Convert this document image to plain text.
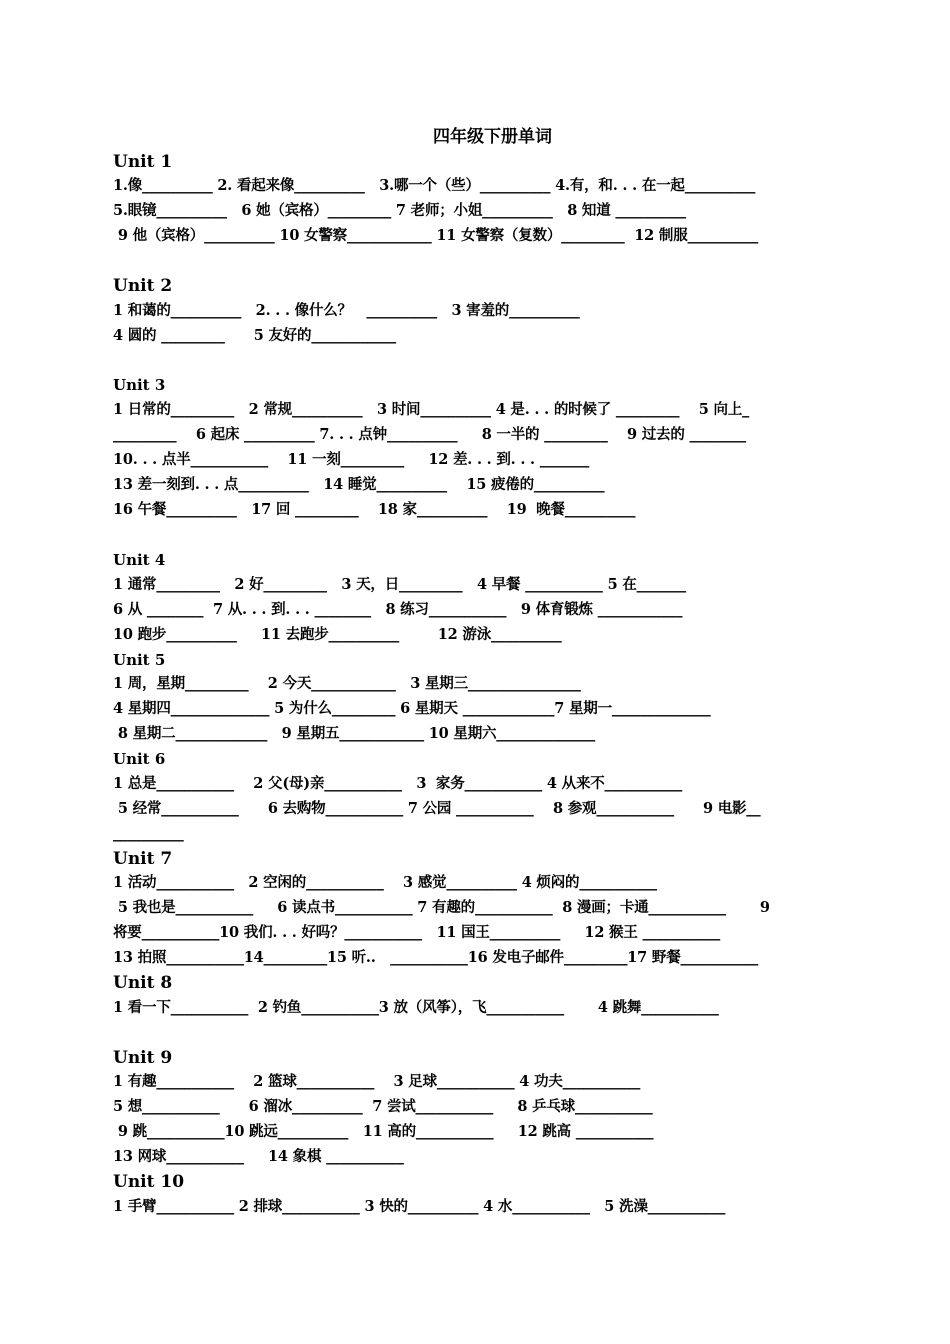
四年级下册单词
Unit 1
1.像__________ 2. 看起来像__________   3.哪一个（些）__________ 4.有，和. . . 在一起__________
5.眼镜__________   6 她（宾格）_________ 7 老师；小姐__________   8 知道 __________
9 他（宾格）__________ 10 女警察____________ 11 女警察（复数）_________  12 制服__________
Unit 2
1 和蔼的__________   2. . . 像什么？   __________   3 害羞的__________
4 圆的 _________      5 友好的____________
Unit 3
1 日常的_________   2 常规__________   3 时间__________ 4 是. . . 的时候了 _________    5 向上_
_________    6 起床 __________ 7. . . 点钟__________     8 一半的 _________    9 过去的 ________
10. . . 点半___________    11 一刻_________     12 差. . . 到. . . _______
13 差一刻到. . . 点__________   14 睡觉__________    15 疲倦的__________
16 午餐__________   17 回 _________    18 家__________    19  晚餐__________
Unit 4
1 通常_________   2 好_________   3 天，日_________   4 早餐 ___________ 5 在_______
6 从 ________  7 从. . . 到. . . ________   8 练习___________   9 体育锻炼 ____________
10 跑步__________     11 去跑步__________        12 游泳__________
Unit 5
1 周，星期_________    2 今天____________   3 星期三________________
4 星期四______________ 5 为什么_________ 6 星期天 _____________7 星期一______________
8 星期二_____________   9 星期五____________ 10 星期六______________
Unit 6
1 总是___________    2 父(母)亲___________   3  家务___________ 4 从来不___________
5 经常___________      6 去购物___________ 7 公园 ___________    8 参观___________      9 电影__
__________
Unit 7
1 活动___________   2 空闲的___________    3 感觉__________ 4 烦闷的___________
5 我也是___________     6 读点书___________ 7 有趣的___________  8 漫画；卡通___________       9
将要___________10 我们. . . 好吗？___________   11 国王__________     12 猴王 ___________
13 拍照___________14_________15 听..   ___________16 发电子邮件_________17 野餐___________
Unit 8
1 看一下___________  2 钓鱼___________3 放（风筝），飞___________       4 跳舞___________
Unit 9
1 有趣___________    2 篮球___________    3 足球___________ 4 功夫___________
5 想___________      6 溜冰__________  7 尝试___________     8 乒乓球___________
9 跳___________10 跳远__________   11 高的___________     12 跳高 ___________
13 网球___________     14 象棋 ___________
Unit 10
1 手臂___________ 2 排球___________ 3 快的__________ 4 水___________   5 洗澡___________
